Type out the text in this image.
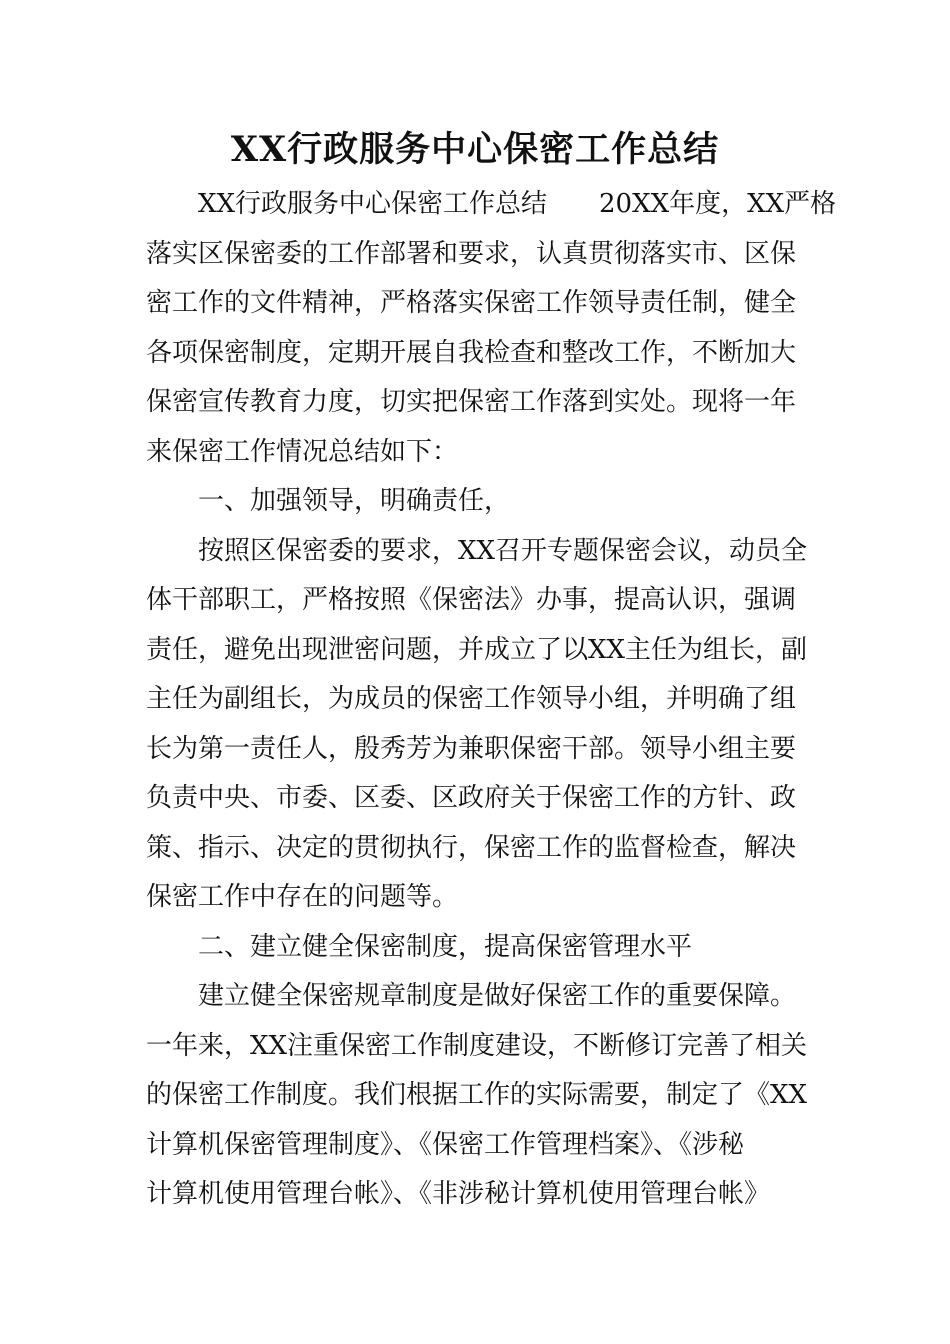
XX行政服务中心保密工作总结
XX行政服务中心保密工作总结　　20XX年度，XX严格
落实区保密委的工作部署和要求，认真贯彻落实市、区保
密工作的文件精神，严格落实保密工作领导责任制，健全
各项保密制度，定期开展自我检查和整改工作，不断加大
保密宣传教育力度，切实把保密工作落到实处。现将一年
来保密工作情况总结如下：
一、加强领导，明确责任，
按照区保密委的要求，XX召开专题保密会议，动员全
体干部职工，严格按照《保密法》办事，提高认识，强调
责任，避免出现泄密问题，并成立了以XX主任为组长，副
主任为副组长，为成员的保密工作领导小组，并明确了组
长为第一责任人，殷秀芳为兼职保密干部。领导小组主要
负责中央、市委、区委、区政府关于保密工作的方针、政
策、指示、决定的贯彻执行，保密工作的监督检查，解决
保密工作中存在的问题等。
二、建立健全保密制度，提高保密管理水平
建立健全保密规章制度是做好保密工作的重要保障。
一年来，XX注重保密工作制度建设，不断修订完善了相关
的保密工作制度。我们根据工作的实际需要，制定了《XX
计算机保密管理制度》、《保密工作管理档案》、《涉秘
计算机使用管理台帐》、《非涉秘计算机使用管理台帐》
